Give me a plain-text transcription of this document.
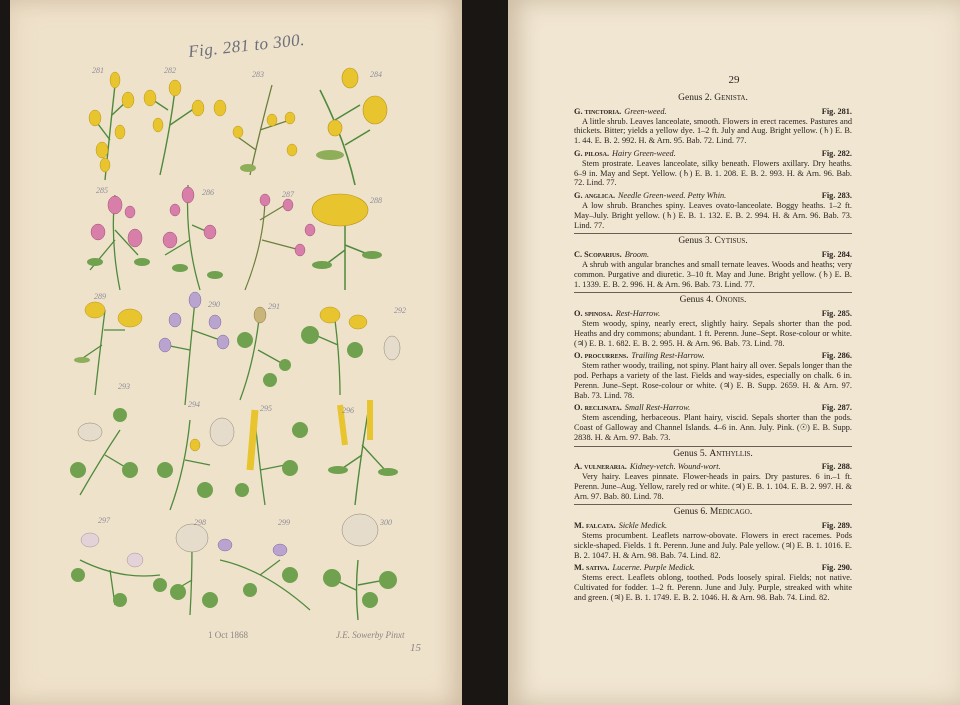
Fig. 281 to 300.
281	282	283	284
285	286	287
288
289
290	291	292
293
294	295	296
297	298	299	300
1 Oct 1868	J.E. Sowerby Pinxt
15
29
Genus 2. Genista.
G. tinctoria. Green-weed.	Fig. 281.
A little shrub. Leaves lanceolate, smooth. Flowers in erect racemes. Pastures and thickets. Bitter; yields a yellow dye. 1–2 ft. July and Aug. Bright yellow. (♄) E. B. 1. 44. E. B. 2. 992. H. & Arn. 95. Bab. 72. Lind. 77.
G. pilosa. Hairy Green-weed.	Fig. 282.
Stem prostrate. Leaves lanceolate, silky beneath. Flowers axillary. Dry heaths. 6–9 in. May and Sept. Yellow. (♄) E. B. 1. 208. E. B. 2. 993. H. & Arn. 96. Bab. 72. Lind. 77.
G. anglica. Needle Green-weed. Petty Whin.	Fig. 283.
A low shrub. Branches spiny. Leaves ovato-lanceolate. Boggy heaths. 1–2 ft. May–July. Bright yellow. (♄) E. B. 1. 132. E. B. 2. 994. H. & Arn. 96. Bab. 73. Lind. 77.
Genus 3. Cytisus.
C. Scoparius. Broom.	Fig. 284.
A shrub with angular branches and small ternate leaves. Woods and heaths; very common. Purgative and diuretic. 3–10 ft. May and June. Bright yellow. (♄) E. B. 1. 1339. E. B. 2. 996. H. & Arn. 96. Bab. 73. Lind. 77.
Genus 4. Ononis.
O. spinosa. Rest-Harrow.	Fig. 285.
Stem woody, spiny, nearly erect, slightly hairy. Sepals shorter than the pod. Heaths and dry commons; abundant. 1 ft. Perenn. June–Sept. Rose-colour or white. (♃) E. B. 1. 682. E. B. 2. 995. H. & Arn. 96. Bab. 73. Lind. 78.
O. procurrens. Trailing Rest-Harrow.	Fig. 286.
Stem rather woody, trailing, not spiny. Plant hairy all over. Sepals longer than the pod. Perhaps a variety of the last. Fields and way-sides, especially on chalk. 6 in. Perenn. June–Sept. Rose-colour or white. (♃) E. B. Supp. 2659. H. & Arn. 97. Bab. 73. Lind. 78.
O. reclinata. Small Rest-Harrow.	Fig. 287.
Stem ascending, herbaceous. Plant hairy, viscid. Sepals shorter than the pods. Coast of Galloway and Channel Islands. 4–6 in. Ann. July. Pink. (☉) E. B. Supp. 2838. H. & Arn. 97. Bab. 73.
Genus 5. Anthyllis.
A. vulneraria. Kidney-vetch. Wound-wort.	Fig. 288.
Very hairy. Leaves pinnate. Flower-heads in pairs. Dry pastures. 6 in.–1 ft. Perenn. June–Aug. Yellow, rarely red or white. (♃) E. B. 1. 104. E. B. 2. 997. H. & Arn. 97. Bab. 80. Lind. 78.
Genus 6. Medicago.
M. falcata. Sickle Medick.	Fig. 289.
Stems procumbent. Leaflets narrow-obovate. Flowers in erect racemes. Pods sickle-shaped. Fields. 1 ft. Perenn. June and July. Pale yellow. (♃) E. B. 1. 1016. E. B. 2. 1047. H. & Arn. 98. Bab. 74. Lind. 82.
M. sativa. Lucerne. Purple Medick.	Fig. 290.
Stems erect. Leaflets oblong, toothed. Pods loosely spiral. Fields; not native. Cultivated for fodder. 1–2 ft. Perenn. June and July. Purple, streaked with white and green. (♃) E. B. 1. 1749. E. B. 2. 1046. H. & Arn. 98. Bab. 74. Lind. 82.
